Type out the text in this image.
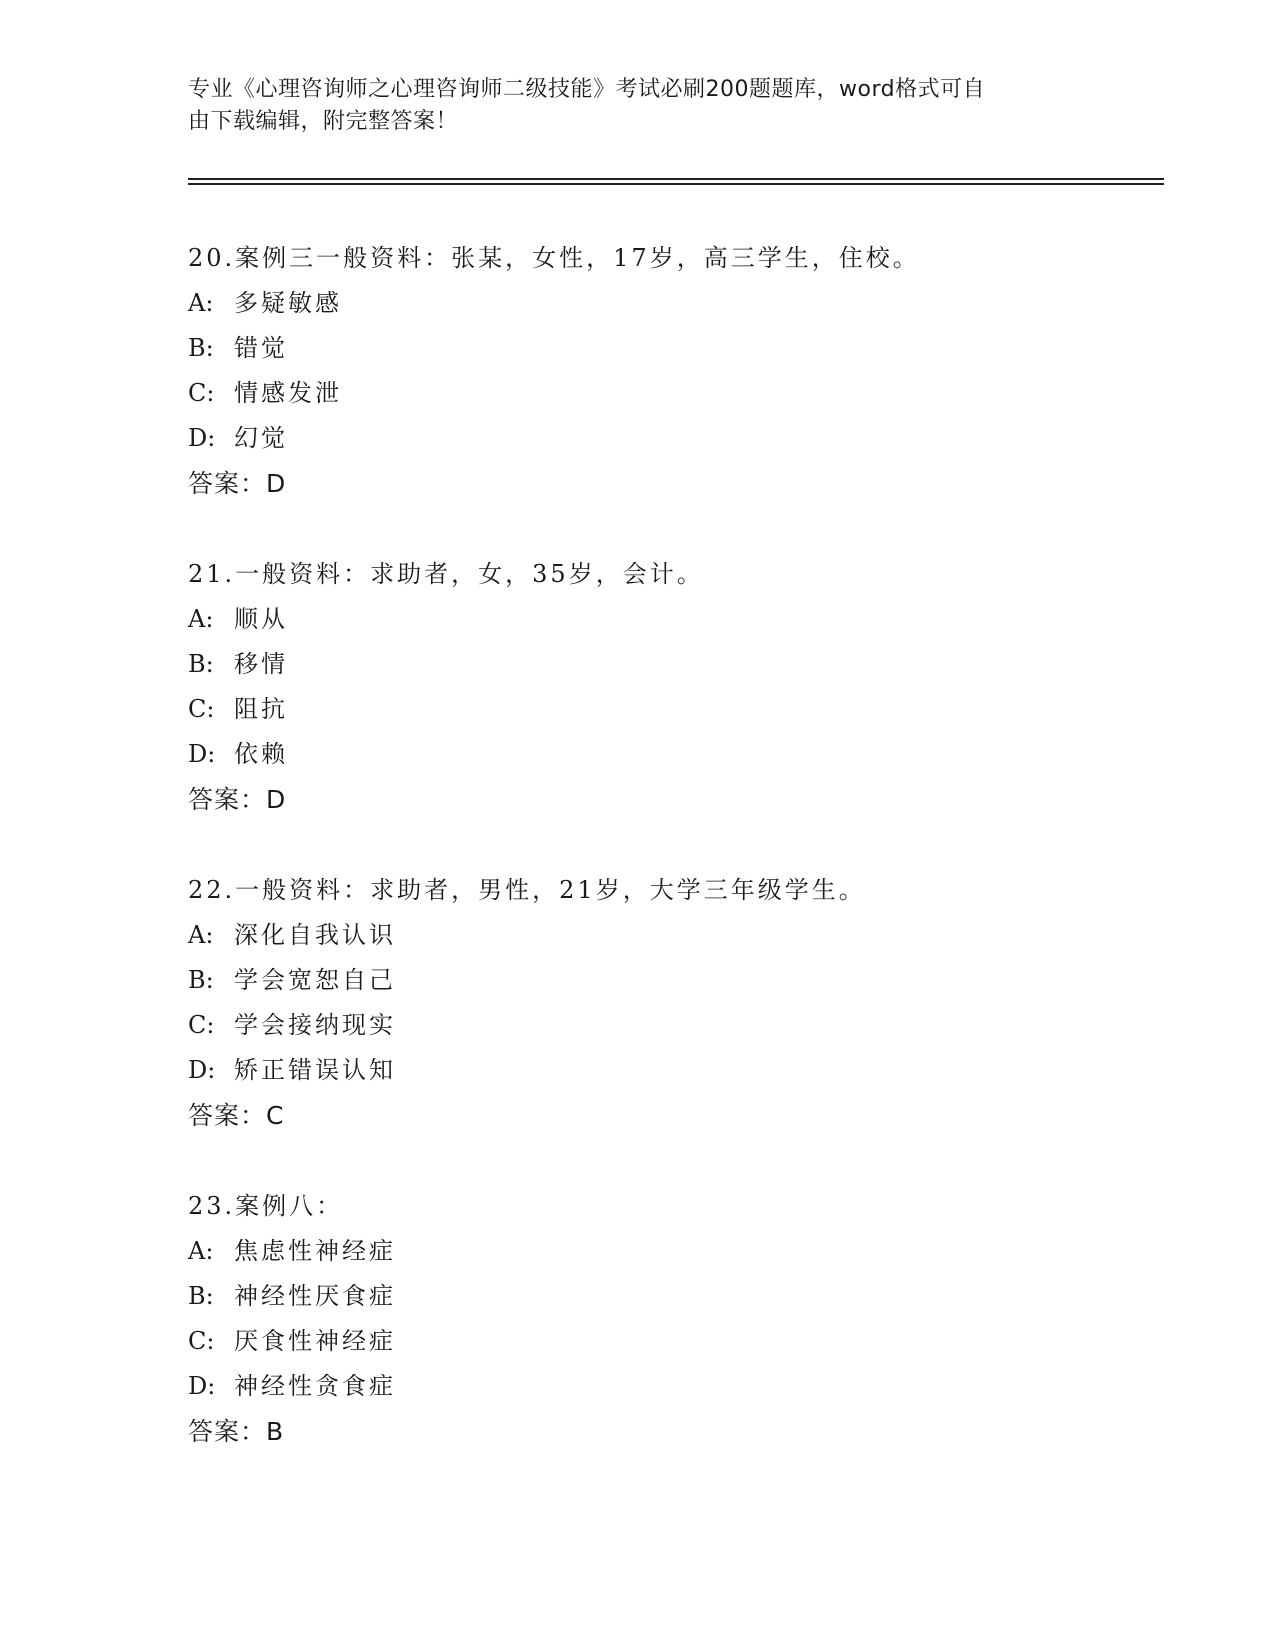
专业《心理咨询师之心理咨询师二级技能》考试必刷200题题库，word格式可自
由下载编辑，附完整答案！
20.案例三一般资料：张某，女性，17岁，高三学生，住校。
A: 多疑敏感
B: 错觉
C: 情感发泄
D: 幻觉
答案：D
21.一般资料：求助者，女，35岁，会计。
A: 顺从
B: 移情
C: 阻抗
D: 依赖
答案：D
22.一般资料：求助者，男性，21岁，大学三年级学生。
A: 深化自我认识
B: 学会宽恕自己
C: 学会接纳现实
D: 矫正错误认知
答案：C
23.案例八：
A: 焦虑性神经症
B: 神经性厌食症
C: 厌食性神经症
D: 神经性贪食症
答案：B
